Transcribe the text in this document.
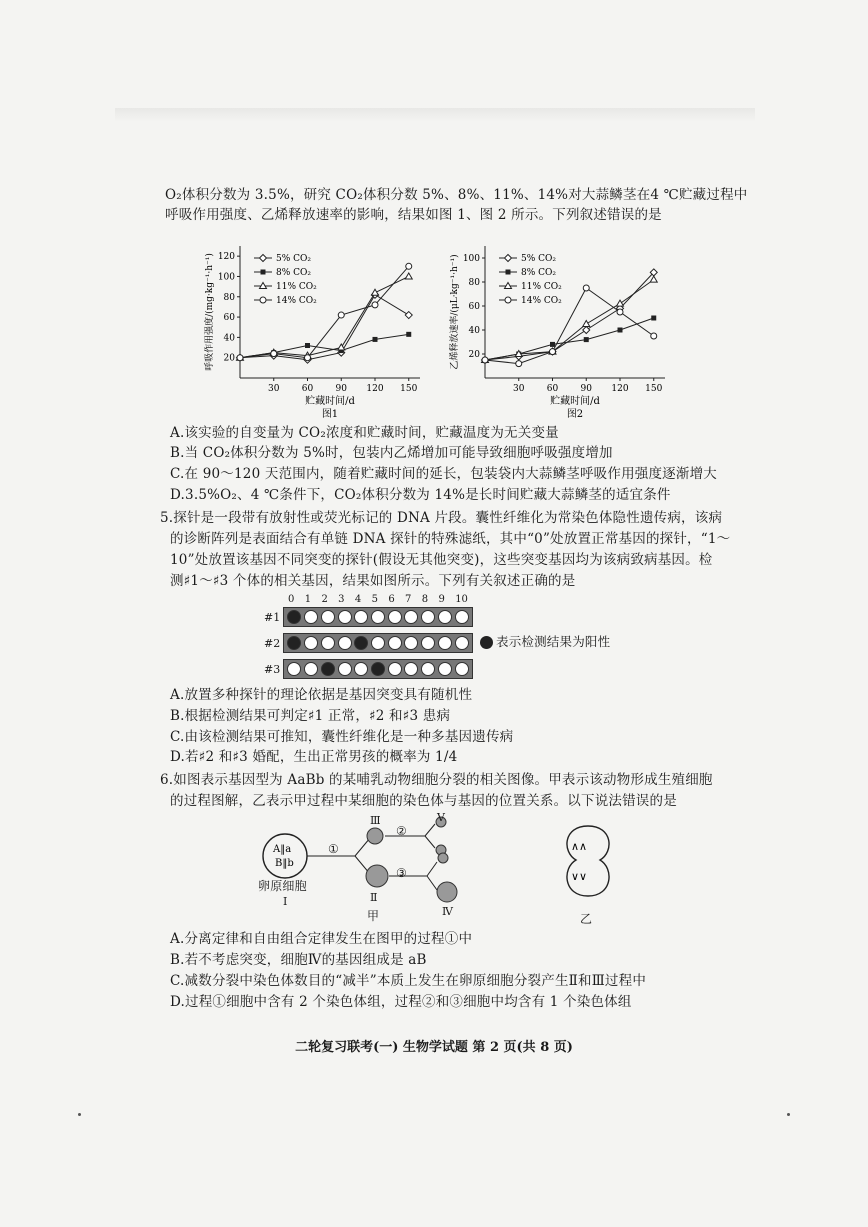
O₂体积分数为 3.5%，研究 CO₂体积分数 5%、8%、11%、14%对大蒜鳞茎在4 ℃贮藏过程中
呼吸作用强度、乙烯释放速率的影响，结果如图 1、图 2 所示。下列叙述错误的是
20
40
60
80
100
120
30 60 90 120 150
贮藏时间/d
图1
呼吸作用强度/(mg·kg⁻¹·h⁻¹)	5% CO₂
8% CO₂
11% CO₂
14% CO₂
20
40
60
80
100
30 60 90 120 150
贮藏时间/d
图2
乙烯释放速率/(μL·kg⁻¹·h⁻¹)	5% CO₂
8% CO₂
11% CO₂
14% CO₂
A.该实验的自变量为 CO₂浓度和贮藏时间，贮藏温度为无关变量
B.当 CO₂体积分数为 5%时，包装内乙烯增加可能导致细胞呼吸强度增加
C.在 90～120 天范围内，随着贮藏时间的延长，包装袋内大蒜鳞茎呼吸作用强度逐渐增大
D.3.5%O₂、4 ℃条件下，CO₂体积分数为 14%是长时间贮藏大蒜鳞茎的适宜条件
5.探针是一段带有放射性或荧光标记的 DNA 片段。囊性纤维化为常染色体隐性遗传病，该病
的诊断阵列是表面结合有单链 DNA 探针的特殊滤纸，其中“0”处放置正常基因的探针，“1～
10”处放置该基因不同突变的探针(假设无其他突变)，这些突变基因均为该病致病基因。检
测♯1～♯3 个体的相关基因，结果如图所示。下列有关叙述正确的是
0 1 2 3 4 5 6 7 8 9 10
#1
#2
#3
表示检测结果为阳性
A.放置多种探针的理论依据是基因突变具有随机性
B.根据检测结果可判定♯1 正常，♯2 和♯3 患病
C.由该检测结果可推知，囊性纤维化是一种多基因遗传病
D.若♯2 和♯3 婚配，生出正常男孩的概率为 1/4
6.如图表示基因型为 AaBb 的某哺乳动物细胞分裂的相关图像。甲表示该动物形成生殖细胞
的过程图解，乙表示甲过程中某细胞的染色体与基因的位置关系。以下说法错误的是
A‖a
B‖b
①
②
③
Ⅲ	Ⅴ
Ⅱ
Ⅳ
卵原细胞
Ⅰ
甲
∧∧
∨∨
乙
A.分离定律和自由组合定律发生在图甲的过程①中
B.若不考虑突变，细胞Ⅳ的基因组成是 aB
C.减数分裂中染色体数目的“减半”本质上发生在卵原细胞分裂产生Ⅱ和Ⅲ过程中
D.过程①细胞中含有 2 个染色体组，过程②和③细胞中均含有 1 个染色体组
二轮复习联考(一) 生物学试题 第 2 页(共 8 页)
